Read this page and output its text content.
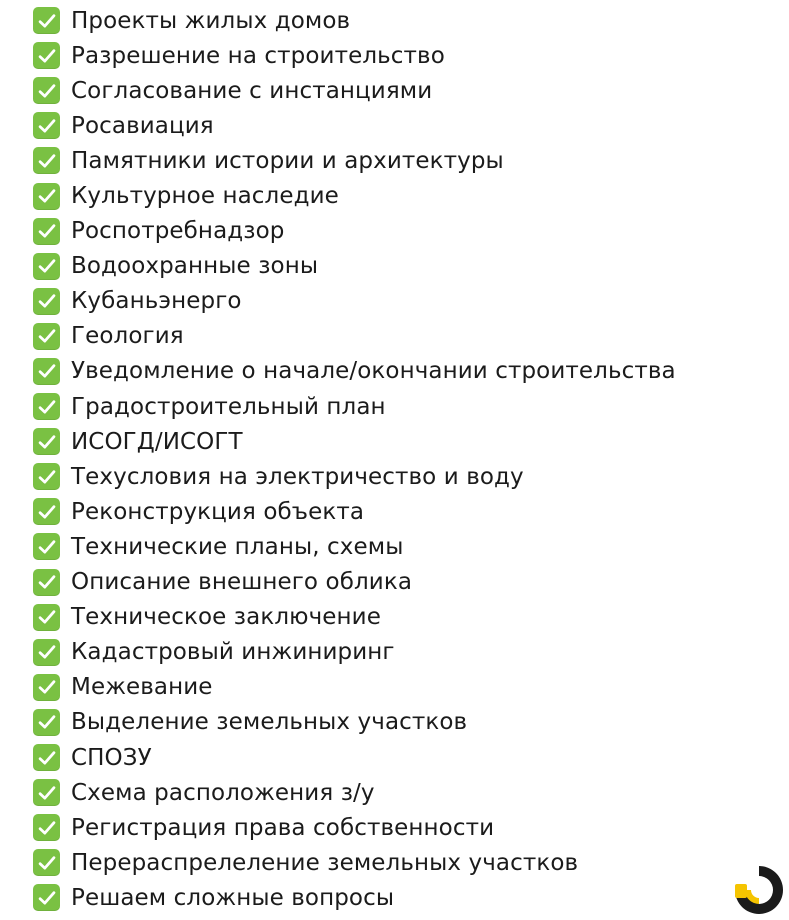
Проекты жилых домов
Разрешение на строительство
Согласование с инстанциями
Росавиация
Памятники истории и архитектуры
Культурное наследие
Роспотребнадзор
Водоохранные зоны
Кубаньэнерго
Геология
Уведомление о начале/окончании строительства
Градостроительный план
ИСОГД/ИСОГТ
Техусловия на электричество и воду
Реконструкция объекта
Технические планы, схемы
Описание внешнего облика
Техническое заключение
Кадастровый инжиниринг
Межевание
Выделение земельных участков
СПОЗУ
Схема расположения з/у
Регистрация права собственности
Перераспрелеление земельных участков
Решаем сложные вопросы
